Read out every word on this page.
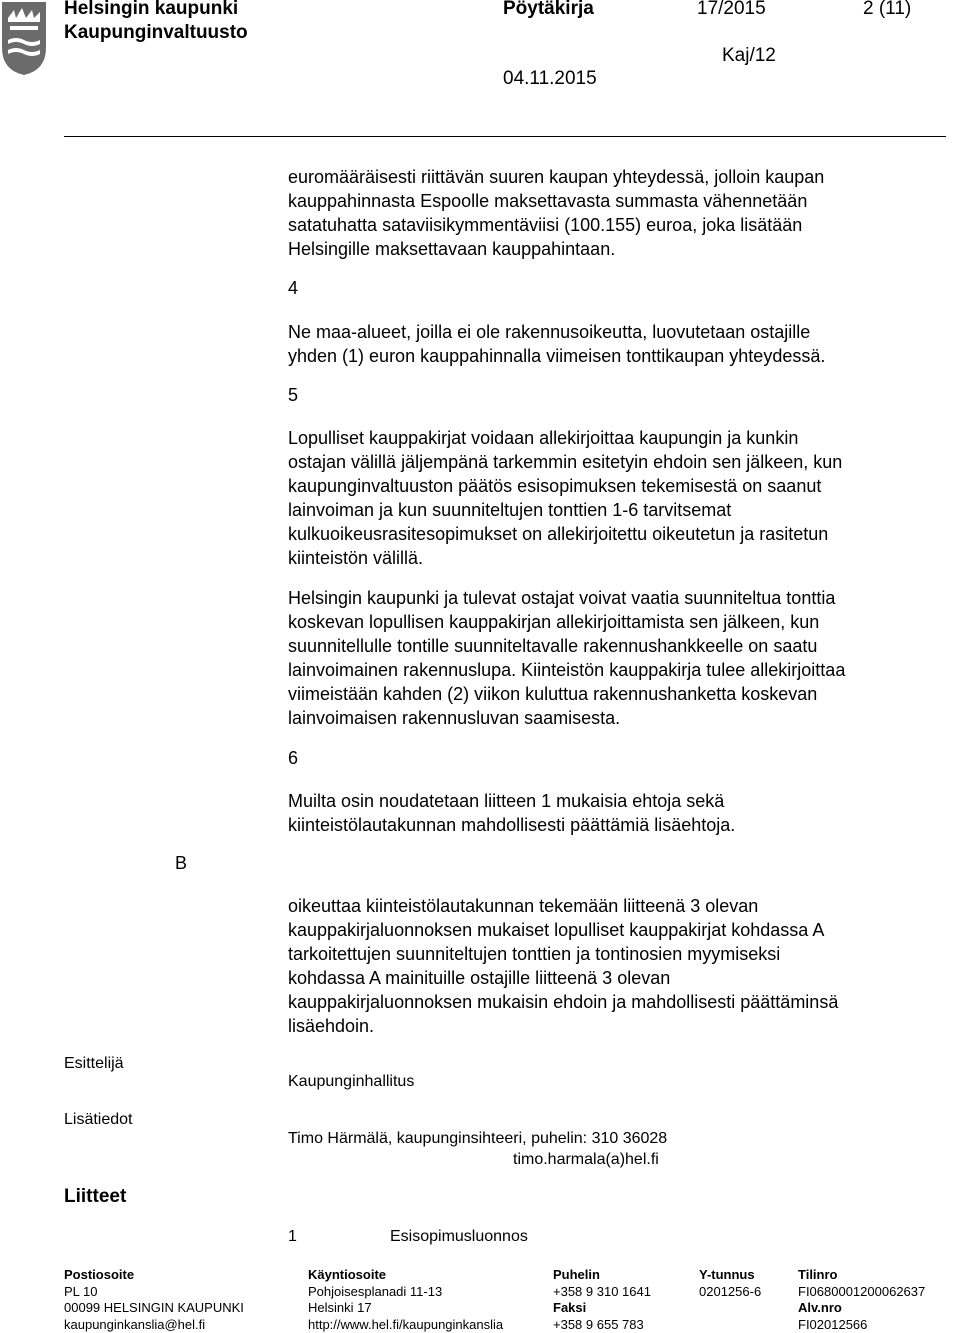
Helsingin kaupunki
Kaupunginvaltuusto
Pöytäkirja
04.11.2015
17/2015	2 (11)
Kaj/12
euromääräisesti riittävän suuren kaupan yhteydessä, jolloin kaupan
kauppahinnasta Espoolle maksettavasta summasta vähennetään
satatuhatta sataviisikymmentäviisi (100.155) euroa, joka lisätään
Helsingille maksettavaan kauppahintaan.
4
Ne maa-alueet, joilla ei ole rakennusoikeutta, luovutetaan ostajille
yhden (1) euron kauppahinnalla viimeisen tonttikaupan yhteydessä.
5
Lopulliset kauppakirjat voidaan allekirjoittaa kaupungin ja kunkin
ostajan välillä jäljempänä tarkemmin esitetyin ehdoin sen jälkeen, kun
kaupunginvaltuuston päätös esisopimuksen tekemisestä on saanut
lainvoiman ja kun suunniteltujen tonttien 1-6 tarvitsemat
kulkuoikeusrasitesopimukset on allekirjoitettu oikeutetun ja rasitetun
kiinteistön välillä.
Helsingin kaupunki ja tulevat ostajat voivat vaatia suunniteltua tonttia
koskevan lopullisen kauppakirjan allekirjoittamista sen jälkeen, kun
suunnitellulle tontille suunniteltavalle rakennushankkeelle on saatu
lainvoimainen rakennuslupa. Kiinteistön kauppakirja tulee allekirjoittaa
viimeistään kahden (2) viikon kuluttua rakennushanketta koskevan
lainvoimaisen rakennusluvan saamisesta.
6
Muilta osin noudatetaan liitteen 1 mukaisia ehtoja sekä
kiinteistölautakunnan mahdollisesti päättämiä lisäehtoja.
B
oikeuttaa kiinteistölautakunnan tekemään liitteenä 3 olevan
kauppakirjaluonnoksen mukaiset lopulliset kauppakirjat kohdassa A
tarkoitettujen suunniteltujen tonttien ja tontinosien myymiseksi
kohdassa A mainituille ostajille liitteenä 3 olevan
kauppakirjaluonnoksen mukaisin ehdoin ja mahdollisesti päättäminsä
lisäehdoin.
Esittelijä
Kaupunginhallitus
Lisätiedot
Timo Härmälä, kaupunginsihteeri, puhelin: 310 36028
timo.harmala(a)hel.fi
Liitteet
1	Esisopimusluonnos
Postiosoite
PL 10
00099 HELSINGIN KAUPUNKI
kaupunginkanslia@hel.fi
Käyntiosoite
Pohjoisesplanadi 11-13
Helsinki 17
http://www.hel.fi/kaupunginkanslia
Puhelin
+358 9 310 1641
Faksi
+358 9 655 783
Y-tunnus
0201256-6
Tilinro
FI0680001200062637
Alv.nro
FI02012566
